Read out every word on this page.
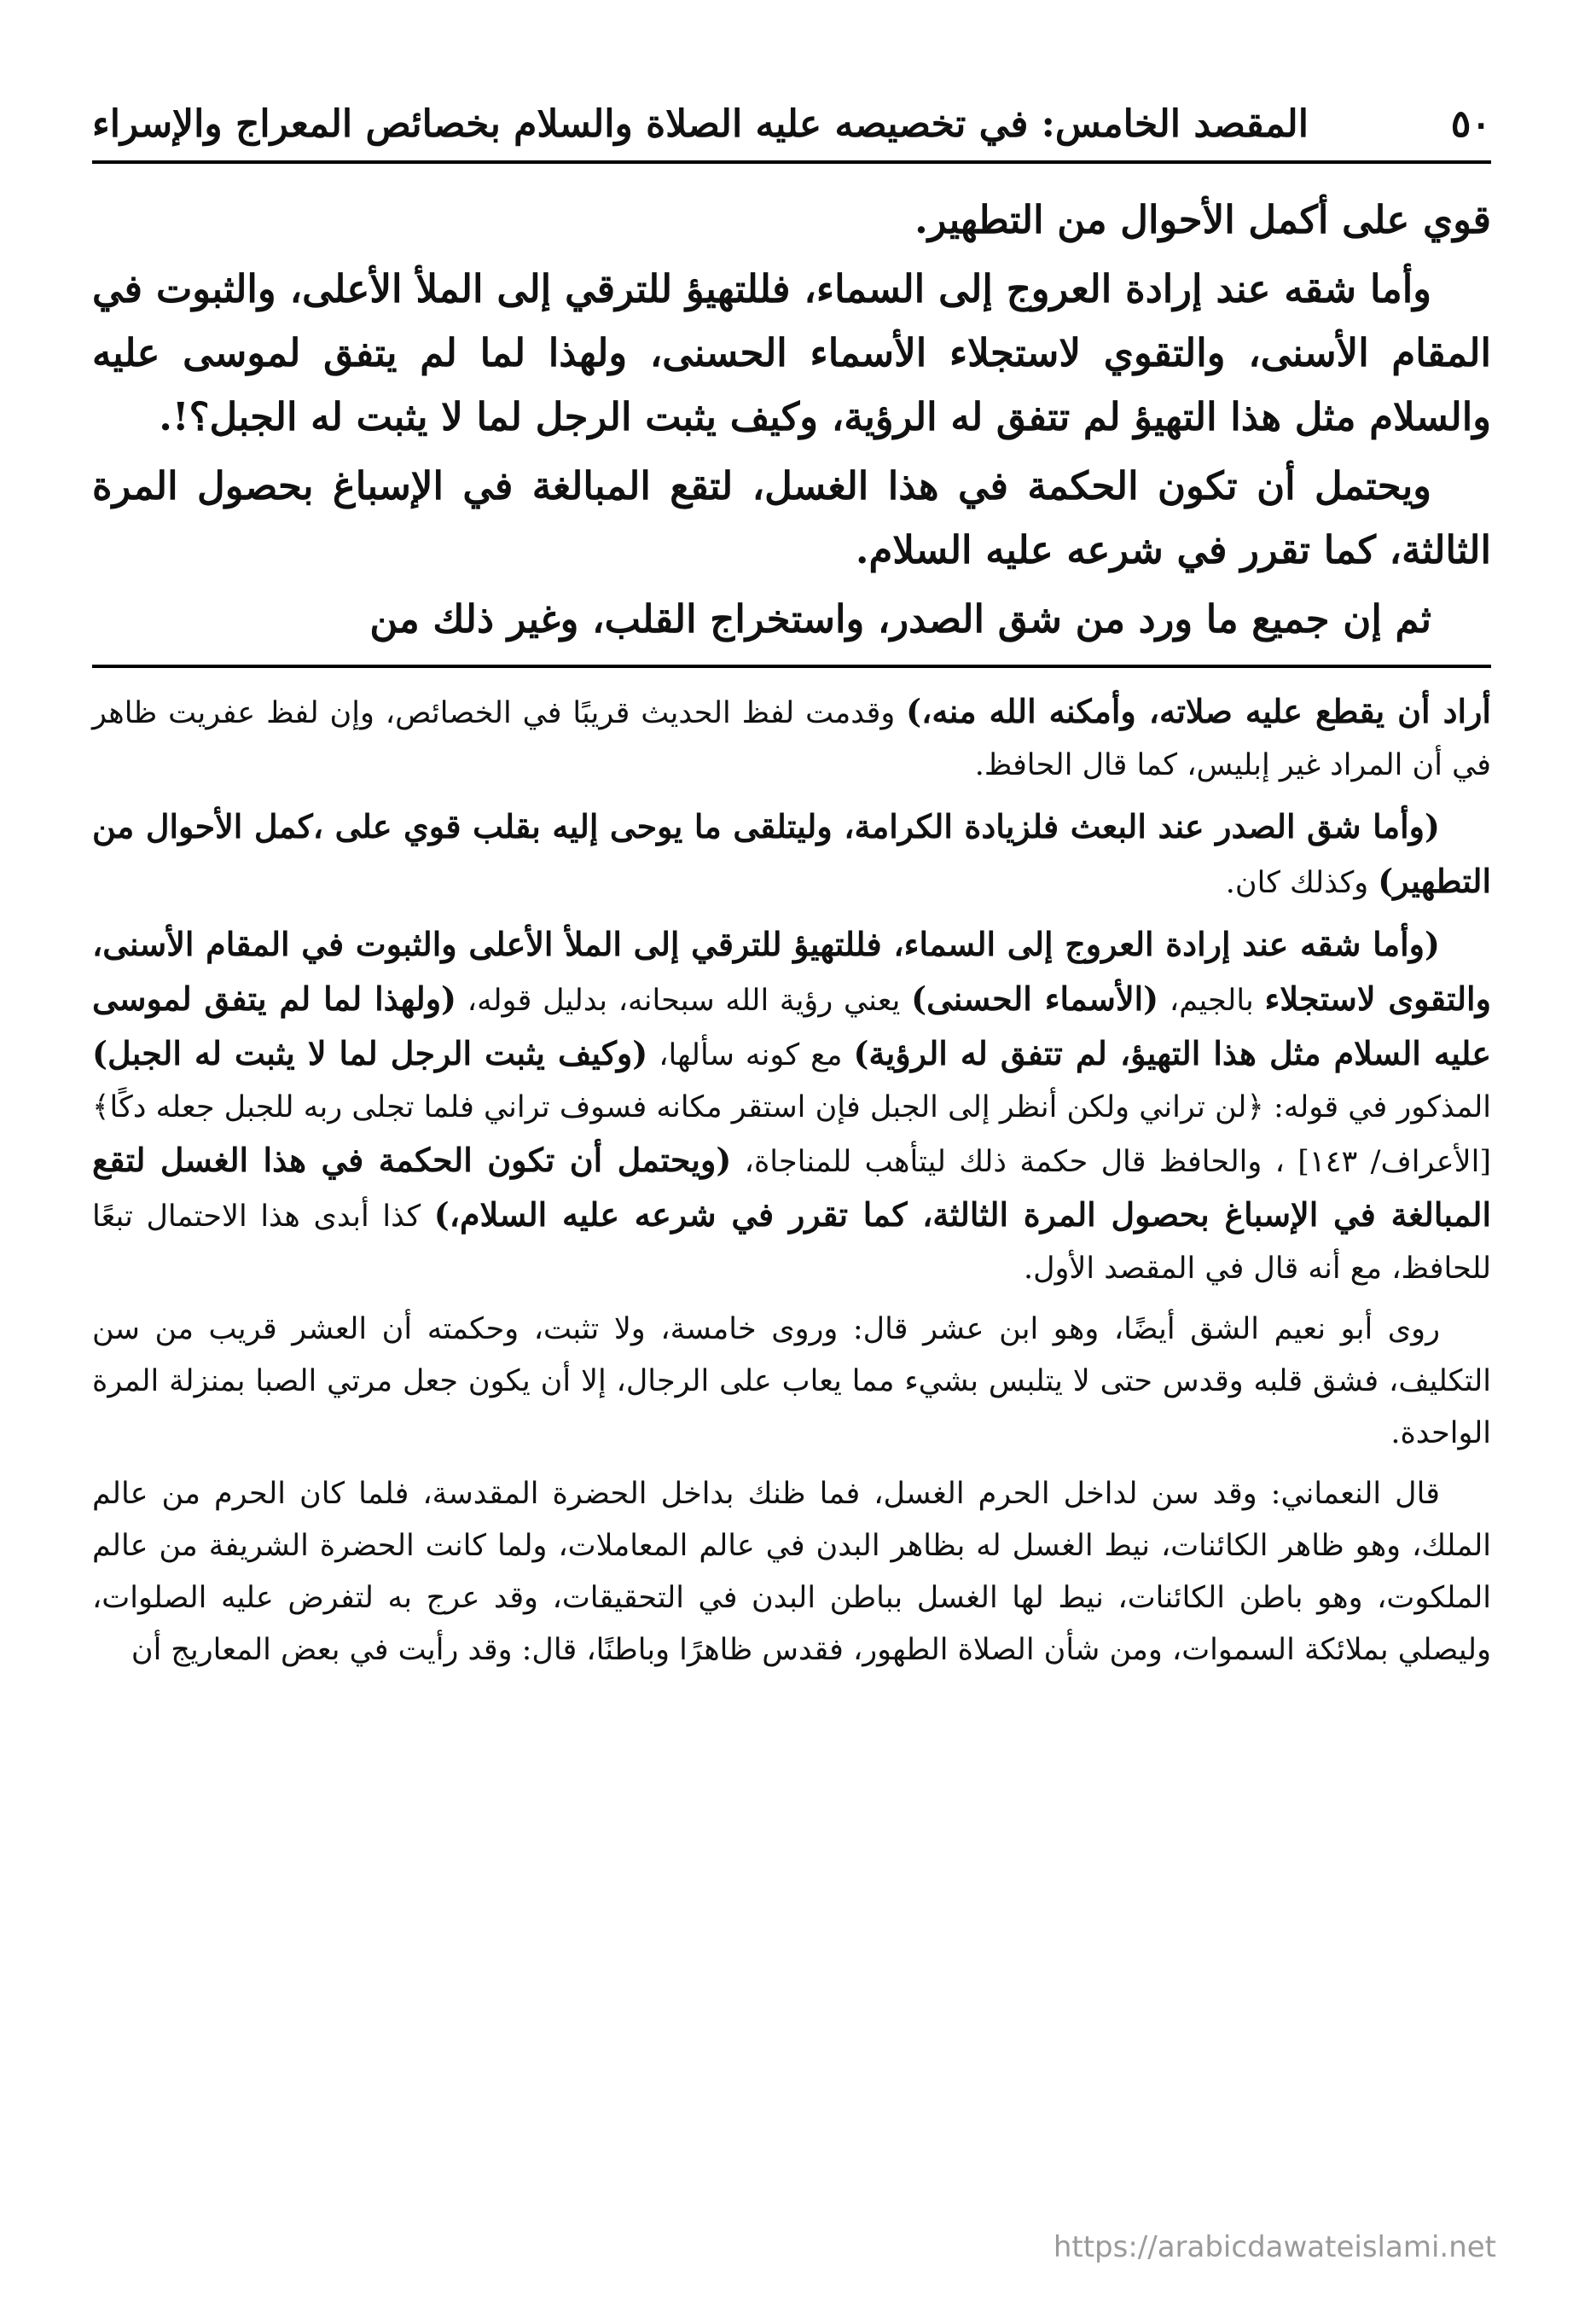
٥٠
المقصد الخامس: في تخصيصه عليه الصلاة والسلام بخصائص المعراج والإسراء

قوي على أكمل الأحوال من التطهير.

وأما شقه عند إرادة العروج إلى السماء، فللتهيؤ للترقي إلى الملأ الأعلى، والثبوت في المقام الأسنى، والتقوي لاستجلاء الأسماء الحسنى، ولهذا لما لم يتفق لموسى عليه والسلام مثل هذا التهيؤ لم تتفق له الرؤية، وكيف يثبت الرجل لما لا يثبت له الجبل؟!.

ويحتمل أن تكون الحكمة في هذا الغسل، لتقع المبالغة في الإسباغ بحصول المرة الثالثة، كما تقرر في شرعه عليه السلام.

ثم إن جميع ما ورد من شق الصدر، واستخراج القلب، وغير ذلك من

أراد أن يقطع عليه صلاته، وأمكنه الله منه،) وقدمت لفظ الحديث قريبًا في الخصائص، وإن لفظ عفريت ظاهر في أن المراد غير إبليس، كما قال الحافظ.

(وأما شق الصدر عند البعث فلزيادة الكرامة، وليتلقى ما يوحى إليه بقلب قوي على ،كمل الأحوال من التطهير) وكذلك كان.

(وأما شقه عند إرادة العروج إلى السماء، فللتهيؤ للترقي إلى الملأ الأعلى والثبوت في المقام الأسنى، والتقوى لاستجلاء بالجيم، (الأسماء الحسنى) يعني رؤية الله سبحانه، بدليل قوله، (ولهذا لما لم يتفق لموسى عليه السلام مثل هذا التهيؤ، لم تتفق له الرؤية) مع كونه سألها، (وكيف يثبت الرجل لما لا يثبت له الجبل) المذكور في قوله: ﴿لن تراني ولكن أنظر إلى الجبل فإن استقر مكانه فسوف تراني فلما تجلى ربه للجبل جعله دكًا﴾ [الأعراف/ ١٤٣] ، والحافظ قال حكمة ذلك ليتأهب للمناجاة، (ويحتمل أن تكون الحكمة في هذا الغسل لتقع المبالغة في الإسباغ بحصول المرة الثالثة، كما تقرر في شرعه عليه السلام،) كذا أبدى هذا الاحتمال تبعًا للحافظ، مع أنه قال في المقصد الأول.

روى أبو نعيم الشق أيضًا، وهو ابن عشر قال: وروى خامسة، ولا تثبت، وحكمته أن العشر قريب من سن التكليف، فشق قلبه وقدس حتى لا يتلبس بشيء مما يعاب على الرجال، إلا أن يكون جعل مرتي الصبا بمنزلة المرة الواحدة.

قال النعماني: وقد سن لداخل الحرم الغسل، فما ظنك بداخل الحضرة المقدسة، فلما كان الحرم من عالم الملك، وهو ظاهر الكائنات، نيط الغسل له بظاهر البدن في عالم المعاملات، ولما كانت الحضرة الشريفة من عالم الملكوت، وهو باطن الكائنات، نيط لها الغسل بباطن البدن في التحقيقات، وقد عرج به لتفرض عليه الصلوات، وليصلي بملائكة السموات، ومن شأن الصلاة الطهور، فقدس ظاهرًا وباطنًا، قال: وقد رأيت في بعض المعاريج أن

https://arabicdawateislami.net
